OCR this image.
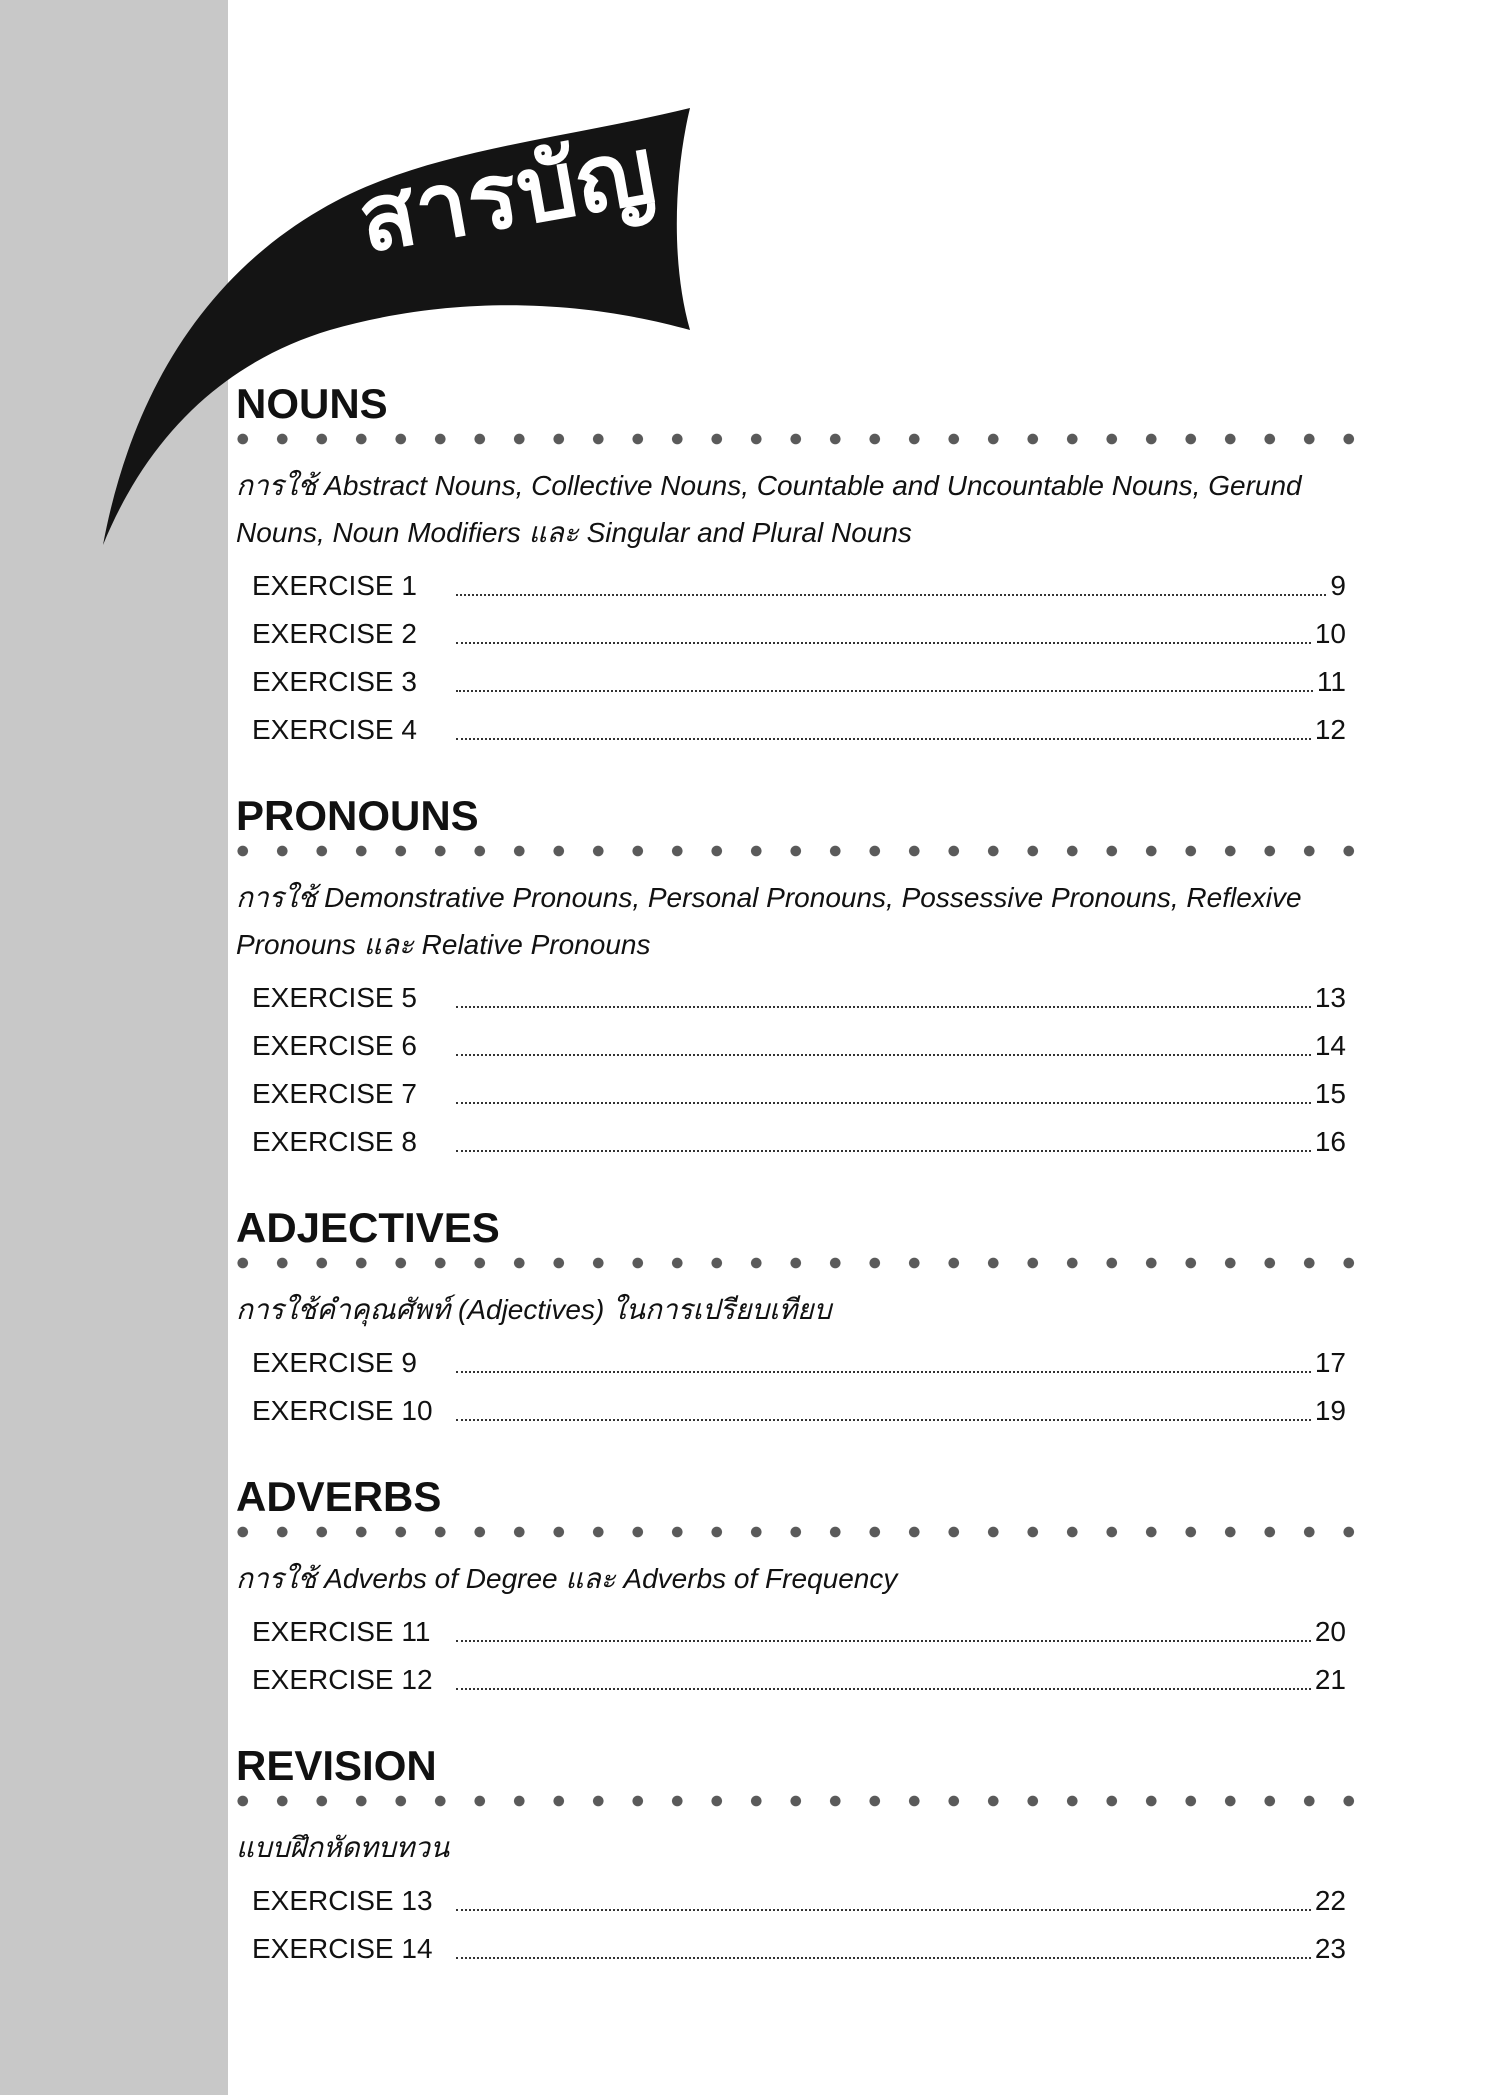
สารบัญ
NOUNS

การใช้ Abstract Nouns, Collective Nouns, Countable and Uncountable Nouns, Gerund Nouns, Noun Modifiers และ Singular and Plural Nouns

EXERCISE 1	9
EXERCISE 2	10
EXERCISE 3	11
EXERCISE 4	12
PRONOUNS

การใช้ Demonstrative Pronouns, Personal Pronouns, Possessive Pronouns, Reflexive Pronouns และ Relative Pronouns

EXERCISE 5	13
EXERCISE 6	14
EXERCISE 7	15
EXERCISE 8	16
ADJECTIVES

การใช้คำคุณศัพท์ (Adjectives) ในการเปรียบเทียบ

EXERCISE 9	17
EXERCISE 10	19
ADVERBS

การใช้ Adverbs of Degree และ Adverbs of Frequency

EXERCISE 11	20
EXERCISE 12	21
REVISION

แบบฝึกหัดทบทวน

EXERCISE 13	22
EXERCISE 14	23
